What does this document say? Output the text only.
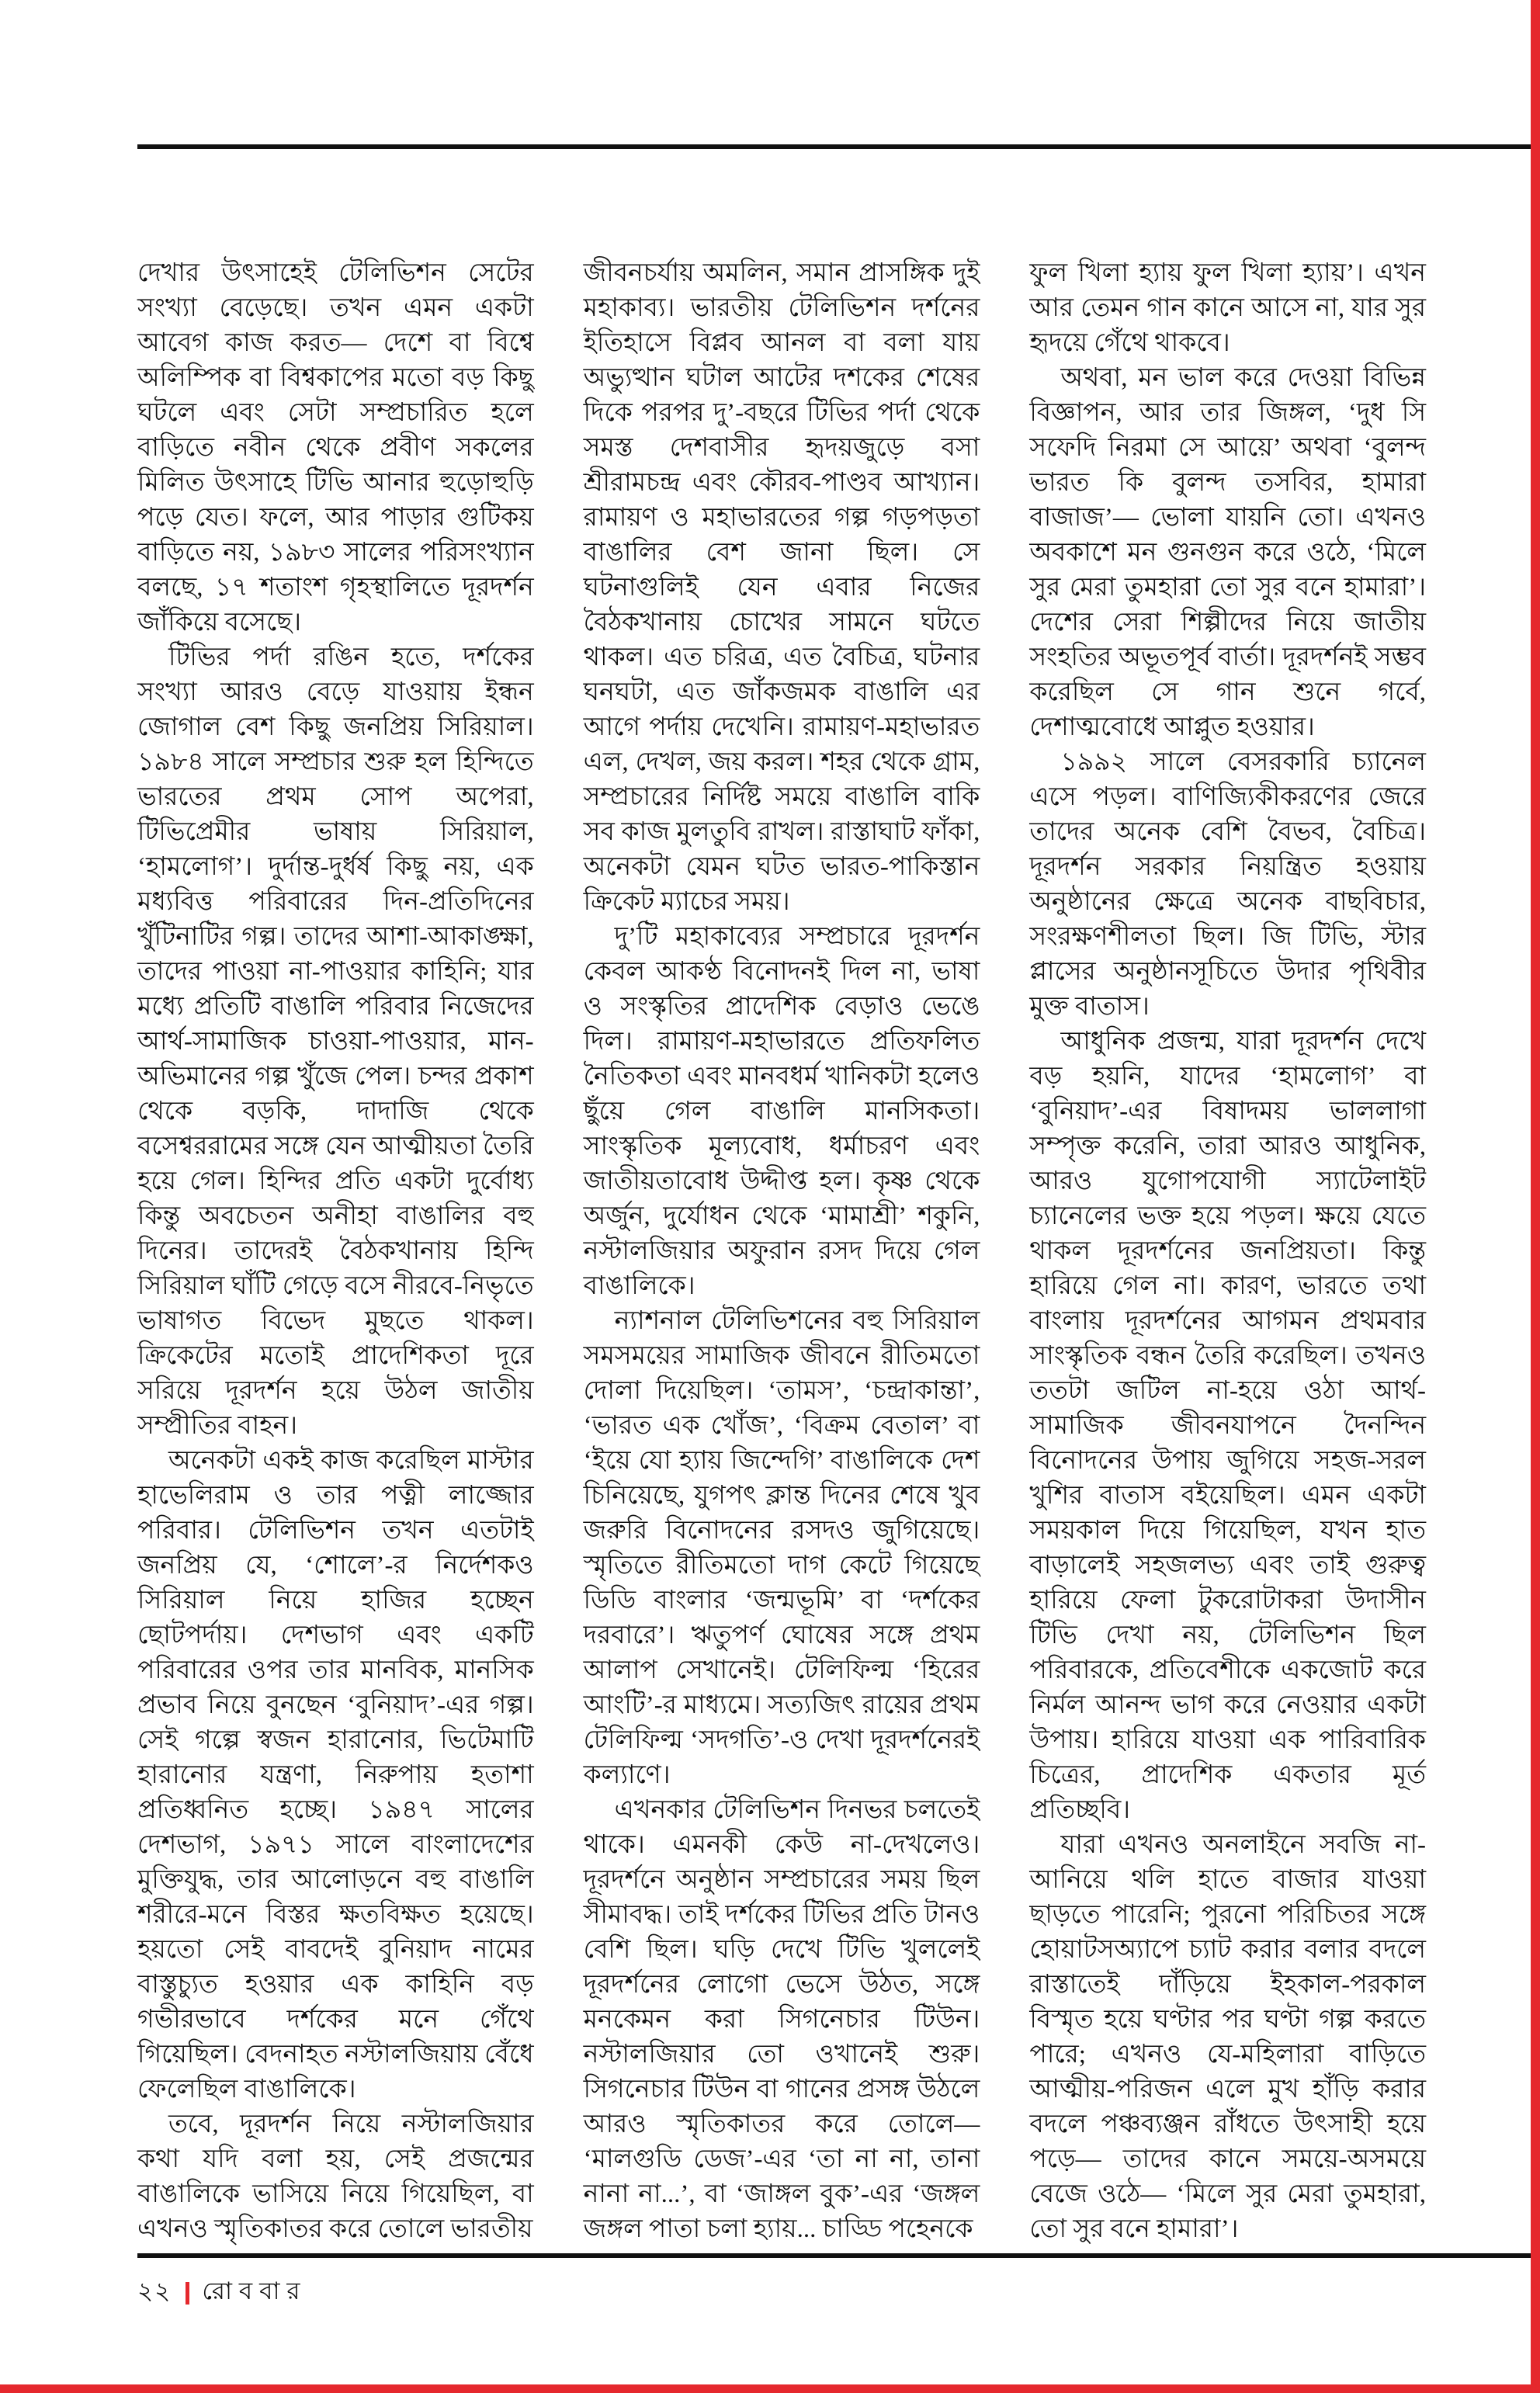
দেখার উৎসাহেই টেলিভিশন সেটের সংখ্যা বেড়েছে। তখন এমন একটা আবেগ কাজ করত— দেশে বা বিশ্বে অলিম্পিক বা বিশ্বকাপের মতো বড় কিছু ঘটলে এবং সেটা সম্প্রচারিত হলে বাড়িতে নবীন থেকে প্রবীণ সকলের মিলিত উৎসাহে টিভি আনার হুড়োহুড়ি পড়ে যেত। ফলে, আর পাড়ার গুটিকয় বাড়িতে নয়, ১৯৮৩ সালের পরিসংখ্যান বলছে, ১৭ শতাংশ গৃহস্থালিতে দূরদর্শন জাঁকিয়ে বসেছে।

টিভির পর্দা রঙিন হতে, দর্শকের সংখ্যা আরও বেড়ে যাওয়ায় ইন্ধন জোগাল বেশ কিছু জনপ্রিয় সিরিয়াল। ১৯৮৪ সালে সম্প্রচার শুরু হল হিন্দিতে ভারতের প্রথম সোপ অপেরা, টিভিপ্রেমীর ভাষায় সিরিয়াল, ‘হামলোগ’। দুর্দান্ত-দুর্ধর্ষ কিছু নয়, এক মধ্যবিত্ত পরিবারের দিন-প্রতিদিনের খুঁটিনাটির গল্প। তাদের আশা-আকাঙ্ক্ষা, তাদের পাওয়া না-পাওয়ার কাহিনি; যার মধ্যে প্রতিটি বাঙালি পরিবার নিজেদের আর্থ-সামাজিক চাওয়া-পাওয়ার, মান-অভিমানের গল্প খুঁজে পেল। চন্দর প্রকাশ থেকে বড়কি, দাদাজি থেকে বসেশ্বররামের সঙ্গে যেন আত্মীয়তা তৈরি হয়ে গেল। হিন্দির প্রতি একটা দুর্বোধ্য কিন্তু অবচেতন অনীহা বাঙালির বহু দিনের। তাদেরই বৈঠকখানায় হিন্দি সিরিয়াল ঘাঁটি গেড়ে বসে নীরবে-নিভৃতে ভাষাগত বিভেদ মুছতে থাকল। ক্রিকেটের মতোই প্রাদেশিকতা দূরে সরিয়ে দূরদর্শন হয়ে উঠল জাতীয় সম্প্রীতির বাহন।

অনেকটা একই কাজ করেছিল মাস্টার হাভেলিরাম ও তার পত্নী লাজ্জোর পরিবার। টেলিভিশন তখন এতটাই জনপ্রিয় যে, ‘শোলে’-র নির্দেশকও সিরিয়াল নিয়ে হাজির হচ্ছেন ছোটপর্দায়। দেশভাগ এবং একটি পরিবারের ওপর তার মানবিক, মানসিক প্রভাব নিয়ে বুনছেন ‘বুনিয়াদ’-এর গল্প। সেই গল্পে স্বজন হারানোর, ভিটেমাটি হারানোর যন্ত্রণা, নিরুপায় হতাশা প্রতিধ্বনিত হচ্ছে। ১৯৪৭ সালের দেশভাগ, ১৯৭১ সালে বাংলাদেশের মুক্তিযুদ্ধ, তার আলোড়নে বহু বাঙালি শরীরে-মনে বিস্তর ক্ষতবিক্ষত হয়েছে। হয়তো সেই বাবদেই বুনিয়াদ নামের বাস্তুচ্যুত হওয়ার এক কাহিনি বড় গভীরভাবে দর্শকের মনে গেঁথে গিয়েছিল। বেদনাহত নস্টালজিয়ায় বেঁধে ফেলেছিল বাঙালিকে।

তবে, দূরদর্শন নিয়ে নস্টালজিয়ার কথা যদি বলা হয়, সেই প্রজন্মের বাঙালিকে ভাসিয়ে নিয়ে গিয়েছিল, বা এখনও স্মৃতিকাতর করে তোলে ভারতীয়

জীবনচর্যায় অমলিন, সমান প্রাসঙ্গিক দুই মহাকাব্য। ভারতীয় টেলিভিশন দর্শনের ইতিহাসে বিপ্লব আনল বা বলা যায় অভ্যুত্থান ঘটাল আটের দশকের শেষের দিকে পরপর দু’-বছরে টিভির পর্দা থেকে সমস্ত দেশবাসীর হৃদয়জুড়ে বসা শ্রীরামচন্দ্র এবং কৌরব-পাণ্ডব আখ্যান। রামায়ণ ও মহাভারতের গল্প গড়পড়তা বাঙালির বেশ জানা ছিল। সে ঘটনাগুলিই যেন এবার নিজের বৈঠকখানায় চোখের সামনে ঘটতে থাকল। এত চরিত্র, এত বৈচিত্র, ঘটনার ঘনঘটা, এত জাঁকজমক বাঙালি এর আগে পর্দায় দেখেনি। রামায়ণ-মহাভারত এল, দেখল, জয় করল। শহর থেকে গ্রাম, সম্প্রচারের নির্দিষ্ট সময়ে বাঙালি বাকি সব কাজ মুলতুবি রাখল। রাস্তাঘাট ফাঁকা, অনেকটা যেমন ঘটত ভারত-পাকিস্তান ক্রিকেট ম্যাচের সময়।

দু’টি মহাকাব্যের সম্প্রচারে দূরদর্শন কেবল আকণ্ঠ বিনোদনই দিল না, ভাষা ও সংস্কৃতির প্রাদেশিক বেড়াও ভেঙে দিল। রামায়ণ-মহাভারতে প্রতিফলিত নৈতিকতা এবং মানবধর্ম খানিকটা হলেও ছুঁয়ে গেল বাঙালি মানসিকতা। সাংস্কৃতিক মূল্যবোধ, ধর্মাচরণ এবং জাতীয়তাবোধ উদ্দীপ্ত হল। কৃষ্ণ থেকে অর্জুন, দুর্যোধন থেকে ‘মামাশ্রী’ শকুনি, নস্টালজিয়ার অফুরান রসদ দিয়ে গেল বাঙালিকে।

ন্যাশনাল টেলিভিশনের বহু সিরিয়াল সমসময়ের সামাজিক জীবনে রীতিমতো দোলা দিয়েছিল। ‘তামস’, ‘চন্দ্রাকান্তা’, ‘ভারত এক খোঁজ’, ‘বিক্রম বেতাল’ বা ‘ইয়ে যো হ্যায় জিন্দেগি’ বাঙালিকে দেশ চিনিয়েছে, যুগপৎ ক্লান্ত দিনের শেষে খুব জরুরি বিনোদনের রসদও জুগিয়েছে। স্মৃতিতে রীতিমতো দাগ কেটে গিয়েছে ডিডি বাংলার ‘জন্মভূমি’ বা ‘দর্শকের দরবারে’। ঋতুপর্ণ ঘোষের সঙ্গে প্রথম আলাপ সেখানেই। টেলিফিল্ম ‘হিরের আংটি’-র মাধ্যমে। সত্যজিৎ রায়ের প্রথম টেলিফিল্ম ‘সদগতি’-ও দেখা দূরদর্শনেরই কল্যাণে।

এখনকার টেলিভিশন দিনভর চলতেই থাকে। এমনকী কেউ না-দেখলেও। দূরদর্শনে অনুষ্ঠান সম্প্রচারের সময় ছিল সীমাবদ্ধ। তাই দর্শকের টিভির প্রতি টানও বেশি ছিল। ঘড়ি দেখে টিভি খুললেই দূরদর্শনের লোগো ভেসে উঠত, সঙ্গে মনকেমন করা সিগনেচার টিউন। নস্টালজিয়ার তো ওখানেই শুরু। সিগনেচার টিউন বা গানের প্রসঙ্গ উঠলে আরও স্মৃতিকাতর করে তোলে— ‘মালগুডি ডেজ’-এর ‘তা না না, তানা নানা না...’, বা ‘জাঙ্গল বুক’-এর ‘জঙ্গল জঙ্গল পাতা চলা হ্যায়... চাড্ডি পহেনকে

ফুল খিলা হ্যায় ফুল খিলা হ্যায়’। এখন আর তেমন গান কানে আসে না, যার সুর হৃদয়ে গেঁথে থাকবে।

অথবা, মন ভাল করে দেওয়া বিভিন্ন বিজ্ঞাপন, আর তার জিঙ্গল, ‘দুধ সি সফেদি নিরমা সে আয়ে’ অথবা ‘বুলন্দ ভারত কি বুলন্দ তসবির, হামারা বাজাজ’— ভোলা যায়নি তো। এখনও অবকাশে মন গুনগুন করে ওঠে, ‘মিলে সুর মেরা তুমহারা তো সুর বনে হামারা’। দেশের সেরা শিল্পীদের নিয়ে জাতীয় সংহতির অভূতপূর্ব বার্তা। দূরদর্শনই সম্ভব করেছিল সে গান শুনে গর্বে, দেশাত্মবোধে আপ্লুত হওয়ার।

১৯৯২ সালে বেসরকারি চ্যানেল এসে পড়ল। বাণিজ্যিকীকরণের জেরে তাদের অনেক বেশি বৈভব, বৈচিত্র। দূরদর্শন সরকার নিয়ন্ত্রিত হওয়ায় অনুষ্ঠানের ক্ষেত্রে অনেক বাছবিচার, সংরক্ষণশীলতা ছিল। জি টিভি, স্টার প্লাসের অনুষ্ঠানসূচিতে উদার পৃথিবীর মুক্ত বাতাস।

আধুনিক প্রজন্ম, যারা দূরদর্শন দেখে বড় হয়নি, যাদের ‘হামলোগ’ বা ‘বুনিয়াদ’-এর বিষাদময় ভাললাগা সম্পৃক্ত করেনি, তারা আরও আধুনিক, আরও যুগোপযোগী স্যাটেলাইট চ্যানেলের ভক্ত হয়ে পড়ল। ক্ষয়ে যেতে থাকল দূরদর্শনের জনপ্রিয়তা। কিন্তু হারিয়ে গেল না। কারণ, ভারতে তথা বাংলায় দূরদর্শনের আগমন প্রথমবার সাংস্কৃতিক বন্ধন তৈরি করেছিল। তখনও ততটা জটিল না-হয়ে ওঠা আর্থ-সামাজিক জীবনযাপনে দৈনন্দিন বিনোদনের উপায় জুগিয়ে সহজ-সরল খুশির বাতাস বইয়েছিল। এমন একটা সময়কাল দিয়ে গিয়েছিল, যখন হাত বাড়ালেই সহজলভ্য এবং তাই গুরুত্ব হারিয়ে ফেলা টুকরোটাকরা উদাসীন টিভি দেখা নয়, টেলিভিশন ছিল পরিবারকে, প্রতিবেশীকে একজোট করে নির্মল আনন্দ ভাগ করে নেওয়ার একটা উপায়। হারিয়ে যাওয়া এক পারিবারিক চিত্রের, প্রাদেশিক একতার মূর্ত প্রতিচ্ছবি।

যারা এখনও অনলাইনে সবজি না-আনিয়ে থলি হাতে বাজার যাওয়া ছাড়তে পারেনি; পুরনো পরিচিতর সঙ্গে হোয়াটসঅ্যাপে চ্যাট করার বলার বদলে রাস্তাতেই দাঁড়িয়ে ইহকাল-পরকাল বিস্মৃত হয়ে ঘণ্টার পর ঘণ্টা গল্প করতে পারে; এখনও যে-মহিলারা বাড়িতে আত্মীয়-পরিজন এলে মুখ হাঁড়ি করার বদলে পঞ্চব্যঞ্জন রাঁধতে উৎসাহী হয়ে পড়ে— তাদের কানে সময়ে-অসময়ে বেজে ওঠে— ‘মিলে সুর মেরা তুমহারা, তো সুর বনে হামারা’।

২২ রোববার
